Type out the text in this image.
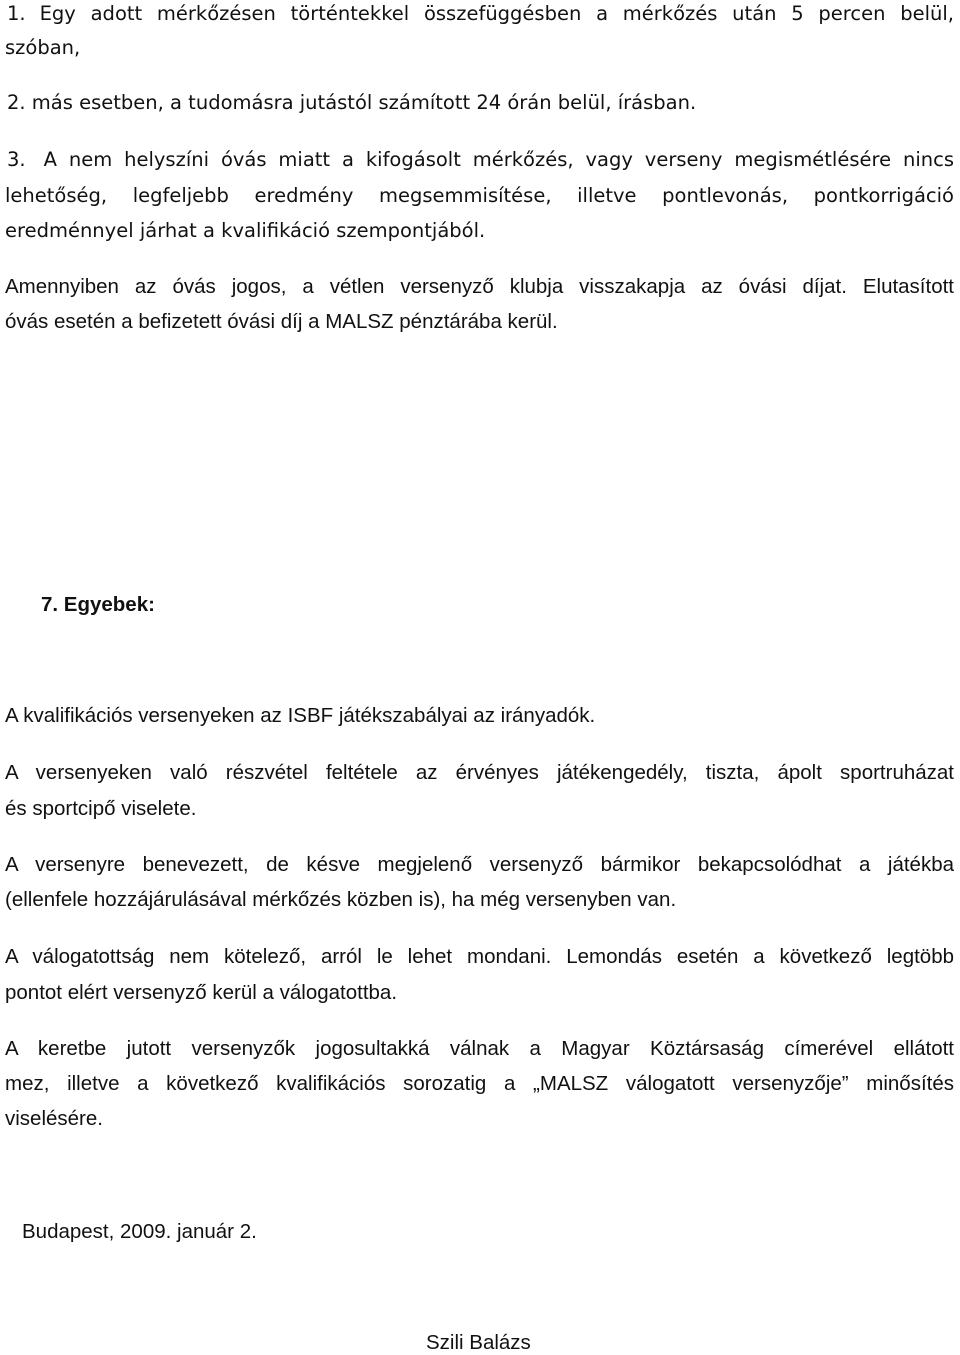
1. Egy adott mérkőzésen történtekkel összefüggésben a mérkőzés után 5 percen belül,
szóban,
2. más esetben, a tudomásra jutástól számított 24 órán belül, írásban.
3. A nem helyszíni óvás miatt a kifogásolt mérkőzés, vagy verseny megismétlésére nincs
lehetőség, legfeljebb eredmény megsemmisítése, illetve pontlevonás, pontkorrigáció
eredménnyel járhat a kvalifikáció szempontjából.
Amennyiben az óvás jogos, a vétlen versenyző klubja visszakapja az óvási díjat. Elutasított
óvás esetén a befizetett óvási díj a MALSZ pénztárába kerül.
7. Egyebek:
A kvalifikációs versenyeken az ISBF játékszabályai az irányadók.
A versenyeken való részvétel feltétele az érvényes játékengedély, tiszta, ápolt sportruházat
és sportcipő viselete.
A versenyre benevezett, de késve megjelenő versenyző bármikor bekapcsolódhat a játékba
(ellenfele hozzájárulásával mérkőzés közben is), ha még versenyben van.
A válogatottság nem kötelező, arról le lehet mondani. Lemondás esetén a következő legtöbb
pontot elért versenyző kerül a válogatottba.
A keretbe jutott versenyzők jogosultakká válnak a Magyar Köztársaság címerével ellátott
mez, illetve a következő kvalifikációs sorozatig a „MALSZ válogatott versenyzője” minősítés
viselésére.
Budapest, 2009. január 2.
Szili Balázs
